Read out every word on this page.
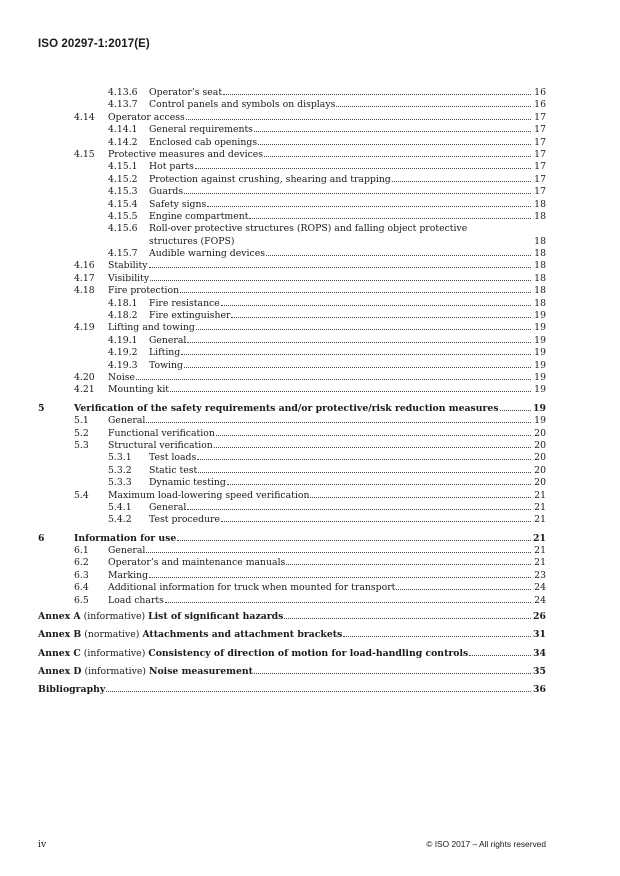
ISO 20297-1:2017(E)
4.13.6 Operator’s seat	16
4.13.7 Control panels and symbols on displays	16
4.14 Operator access	17
4.14.1 General requirements	17
4.14.2 Enclosed cab openings	17
4.15 Protective measures and devices	17
4.15.1 Hot parts	17
4.15.2 Protection against crushing, shearing and trapping	17
4.15.3 Guards	17
4.15.4 Safety signs	18
4.15.5 Engine compartment	18
4.15.6 Roll-over protective structures (ROPS) and falling object protective structures (FOPS)	18
4.15.7 Audible warning devices	18
4.16 Stability	18
4.17 Visibility	18
4.18 Fire protection	18
4.18.1 Fire resistance	18
4.18.2 Fire extinguisher	19
4.19 Lifting and towing	19
4.19.1 General	19
4.19.2 Lifting	19
4.19.3 Towing	19
4.20 Noise	19
4.21 Mounting kit	19
5	Verification of the safety requirements and/or protective/risk reduction measures	19
5.1 General	19
5.2 Functional verification	20
5.3 Structural verification	20
5.3.1 Test loads	20
5.3.2 Static test	20
5.3.3 Dynamic testing	20
5.4 Maximum load-lowering speed verification	21
5.4.1 General	21
5.4.2 Test procedure	21
6	Information for use	21
6.1 General	21
6.2 Operator’s and maintenance manuals	21
6.3 Marking	23
6.4 Additional information for truck when mounted for transport	24
6.5 Load charts	24
Annex A (informative) List of significant hazards	26
Annex B (normative) Attachments and attachment brackets	31
Annex C (informative) Consistency of direction of motion for load-handling controls	34
Annex D (informative) Noise measurement	35
Bibliography	36
iv	© ISO 2017 – All rights reserved
